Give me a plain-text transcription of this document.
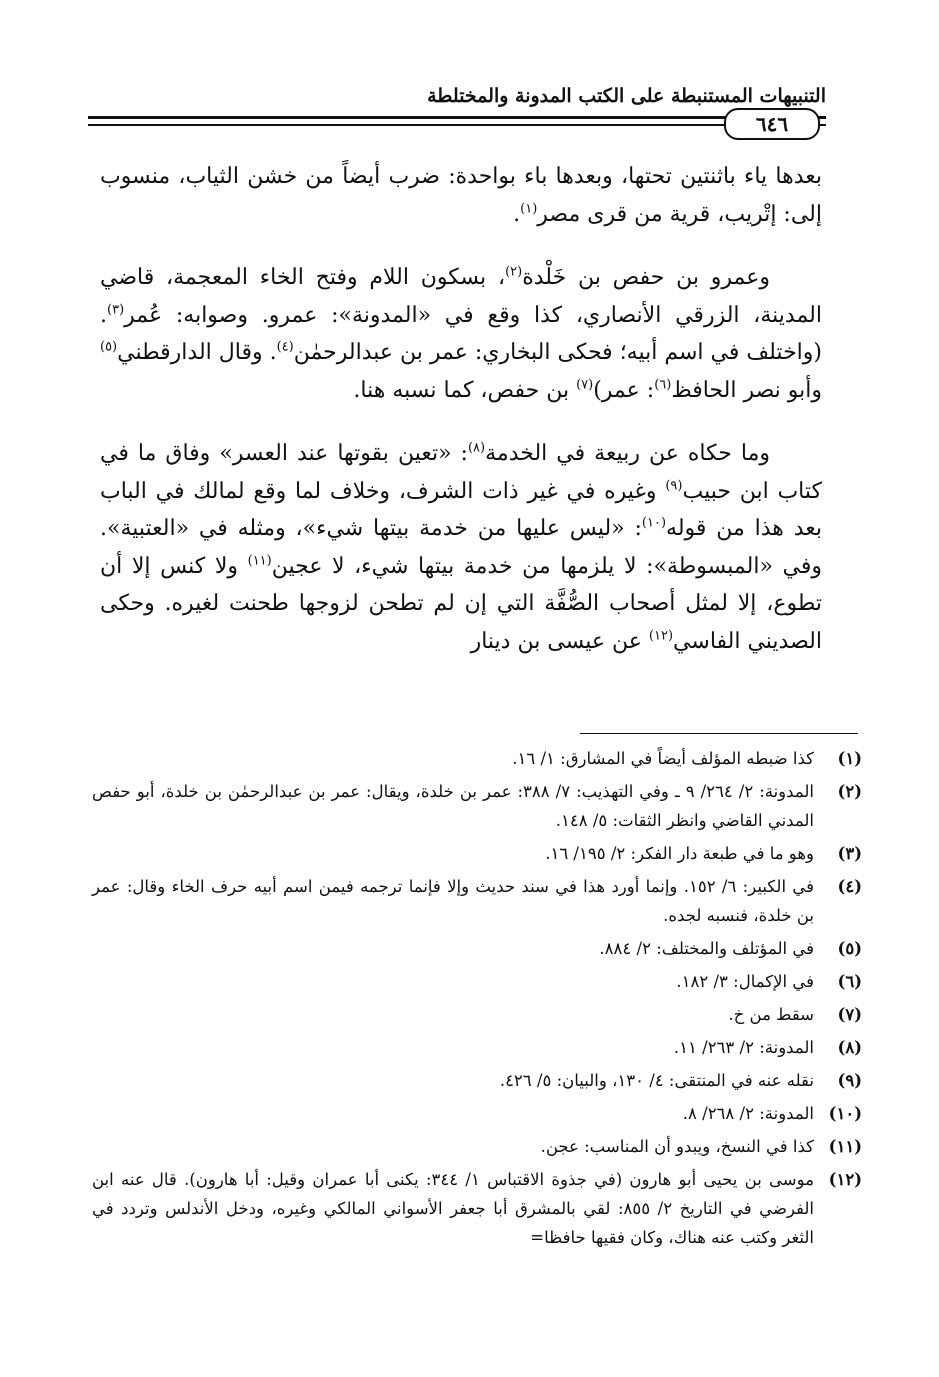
التنبيهات المستنبطة على الكتب المدونة والمختلطة
٦٤٦

بعدها ياء باثنتين تحتها، وبعدها باء بواحدة: ضرب أيضاً من خشن الثياب، منسوب إلى: إتْريب، قرية من قرى مصر$^{(١)}$.

وعمرو بن حفص بن خَلْدة$^{(٢)}$، بسكون اللام وفتح الخاء المعجمة، قاضي المدينة، الزرقي الأنصاري، كذا وقع في «المدونة»: عمرو. وصوابه: عُمر$^{(٣)}$. (واختلف في اسم أبيه؛ فحكى البخاري: عمر بن عبدالرحمٰن$^{(٤)}$. وقال الدارقطني$^{(٥)}$ وأبو نصر الحافظ$^{(٦)}$: عمر)$^{(٧)}$ بن حفص، كما نسبه هنا.

وما حكاه عن ربيعة في الخدمة$^{(٨)}$: «تعين بقوتها عند العسر» وفاق ما في كتاب ابن حبيب$^{(٩)}$ وغيره في غير ذات الشرف، وخلاف لما وقع لمالك في الباب بعد هذا من قوله$^{(١٠)}$: «ليس عليها من خدمة بيتها شيء»، ومثله في «العتبية». وفي «المبسوطة»: لا يلزمها من خدمة بيتها شيء، لا عجين$^{(١١)}$ ولا كنس إلا أن تطوع، إلا لمثل أصحاب الصُّفَّة التي إن لم تطحن لزوجها طحنت لغيره. وحكى الصديني الفاسي$^{(١٢)}$ عن عيسى بن دينار

(١)
كذا ضبطه المؤلف أيضاً في المشارق: ١/ ١٦.
(٢)
المدونة: ٢/ ٢٦٤/ ٩ ـ وفي التهذيب: ٧/ ٣٨٨: عمر بن خلدة، ويقال: عمر بن عبدالرحمٰن بن خلدة، أبو حفص المدني القاضي وانظر الثقات: ٥/ ١٤٨.
(٣)
وهو ما في طبعة دار الفكر: ٢/ ١٩٥/ ١٦.
(٤)
في الكبير: ٦/ ١٥٢. وإنما أورد هذا في سند حديث وإلا فإنما ترجمه فيمن اسم أبيه حرف الخاء وقال: عمر بن خلدة، فنسبه لجده.
(٥)
في المؤتلف والمختلف: ٢/ ٨٨٤.
(٦)
في الإكمال: ٣/ ١٨٢.
(٧)
سقط من خ.
(٨)
المدونة: ٢/ ٢٦٣/ ١١.
(٩)
نقله عنه في المنتقى: ٤/ ١٣٠، والبيان: ٥/ ٤٢٦.
(١٠)
المدونة: ٢/ ٢٦٨/ ٨.
(١١)
كذا في النسخ، ويبدو أن المناسب: عجن.
(١٢)
موسى بن يحيى أبو هارون (في جذوة الاقتباس ١/ ٣٤٤: يكنى أبا عمران وقيل: أبا هارون). قال عنه ابن الفرضي في التاريخ ٢/ ٨٥٥: لقي بالمشرق أبا جعفر الأسواني المالكي وغيره، ودخل الأندلس وتردد في الثغر وكتب عنه هناك، وكان فقيها حافظا=
